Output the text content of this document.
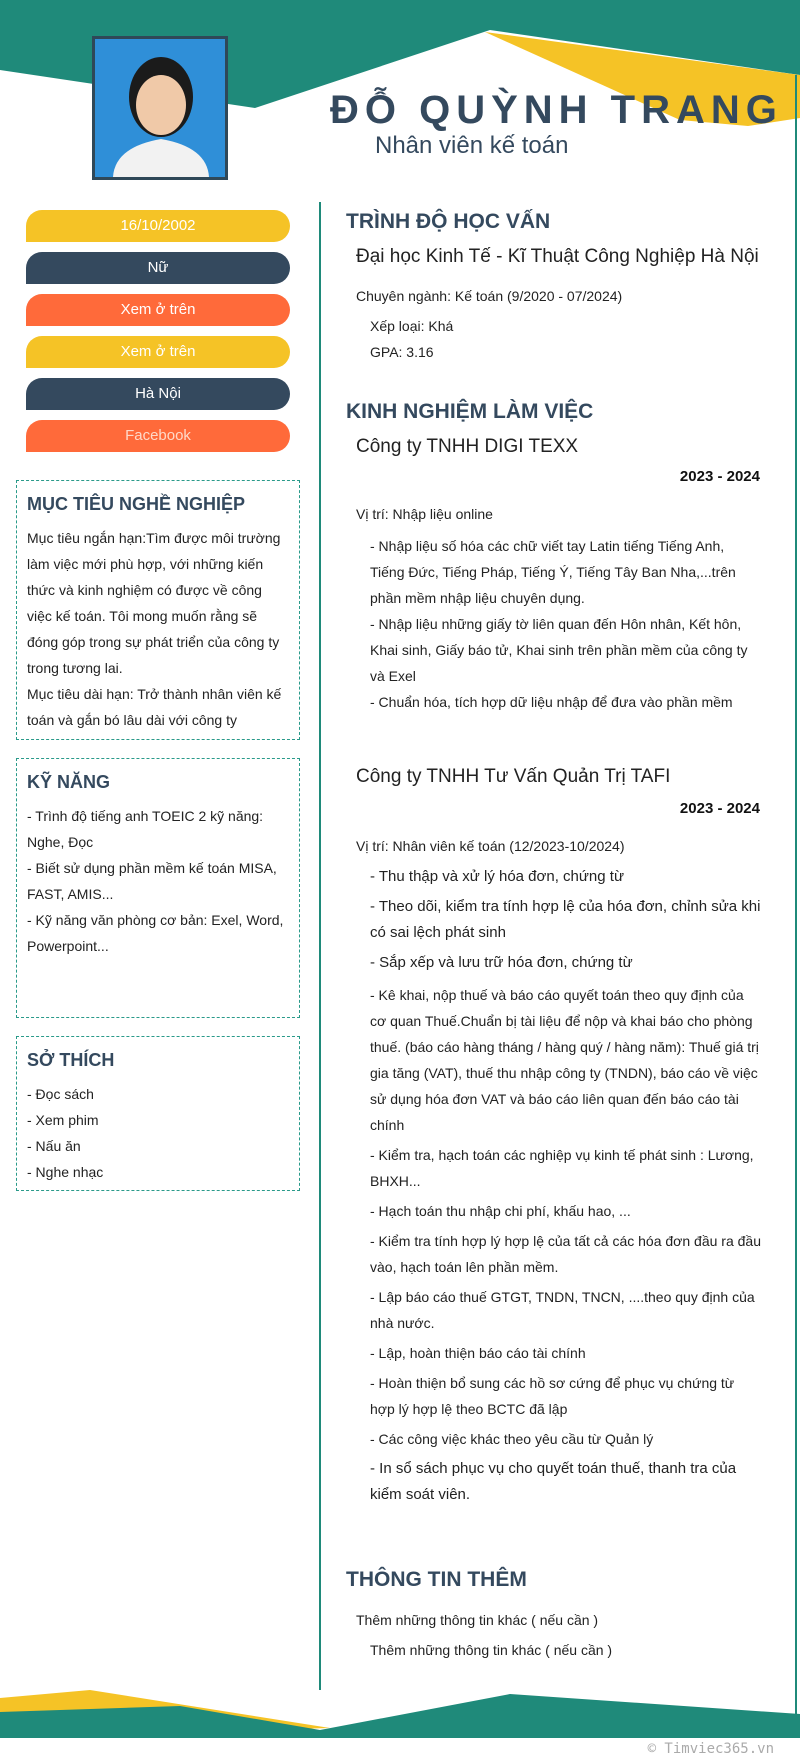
ĐỖ QUỲNH TRANG
Nhân viên kế toán
16/10/2002
Nữ
Xem ở trên
Xem ở trên
Hà Nội
Facebook
MỤC TIÊU NGHỀ NGHIỆP

Mục tiêu ngắn hạn:Tìm được môi trường làm việc mới phù hợp, với những kiến thức và kinh nghiệm có được về công việc kế toán. Tôi mong muốn rằng sẽ đóng góp trong sự phát triển của công ty trong tương lai.

Mục tiêu dài hạn: Trở thành nhân viên kế toán và gắn bó lâu dài với công ty

KỸ NĂNG

- Trình độ tiếng anh TOEIC 2 kỹ năng: Nghe, Đọc

- Biết sử dụng phần mềm kế toán MISA, FAST, AMIS...

- Kỹ năng văn phòng cơ bản: Exel, Word, Powerpoint...

SỞ THÍCH

- Đọc sách

- Xem phim

- Nấu ăn

- Nghe nhạc

TRÌNH ĐỘ HỌC VẤN
Đại học Kinh Tế - Kĩ Thuật Công Nghiệp Hà Nội
Chuyên ngành: Kế toán (9/2020 - 07/2024)
Xếp loại: Khá
GPA: 3.16
KINH NGHIỆM LÀM VIỆC
Công ty TNHH DIGI TEXX
2023 - 2024
Vị trí: Nhập liệu online
- Nhập liệu số hóa các chữ viết tay Latin tiếng Tiếng Anh, Tiếng Đức, Tiếng Pháp, Tiếng Ý, Tiếng Tây Ban Nha,...trên phần mềm nhập liệu chuyên dụng.
- Nhập liệu những giấy tờ liên quan đến Hôn nhân, Kết hôn, Khai sinh, Giấy báo tử, Khai sinh trên phần mềm của công ty và Exel
- Chuẩn hóa, tích hợp dữ liệu nhập để đưa vào phần mềm
Công ty TNHH Tư Vấn Quản Trị TAFI
2023 - 2024
Vị trí: Nhân viên kế toán (12/2023-10/2024)
- Thu thập và xử lý hóa đơn, chứng từ
- Theo dõi, kiểm tra tính hợp lệ của hóa đơn, chỉnh sửa khi có sai lệch phát sinh
- Sắp xếp và lưu trữ hóa đơn, chứng từ
- Kê khai, nộp thuế và báo cáo quyết toán theo quy định của cơ quan Thuế.Chuẩn bị tài liệu để nộp và khai báo cho phòng thuế. (báo cáo hàng tháng / hàng quý / hàng năm): Thuế giá trị gia tăng (VAT), thuế thu nhập công ty (TNDN), báo cáo về việc sử dụng hóa đơn VAT và báo cáo liên quan đến báo cáo tài chính
- Kiểm tra, hạch toán các nghiệp vụ kinh tế phát sinh : Lương, BHXH...
- Hạch toán thu nhập chi phí, khấu hao, ...
- Kiểm tra tính hợp lý hợp lệ của tất cả các hóa đơn đầu ra đầu vào, hạch toán lên phần mềm.
- Lập báo cáo thuế GTGT, TNDN, TNCN, ....theo quy định của nhà nước.
- Lập, hoàn thiện báo cáo tài chính
- Hoàn thiện bổ sung các hồ sơ cứng để phục vụ chứng từ hợp lý hợp lệ theo BCTC đã lập
- Các công việc khác theo yêu cầu từ Quản lý
- In sổ sách phục vụ cho quyết toán thuế, thanh tra của kiểm soát viên.
THÔNG TIN THÊM
Thêm những thông tin khác ( nếu cần )
Thêm những thông tin khác ( nếu cần )
© Timviec365.vn
